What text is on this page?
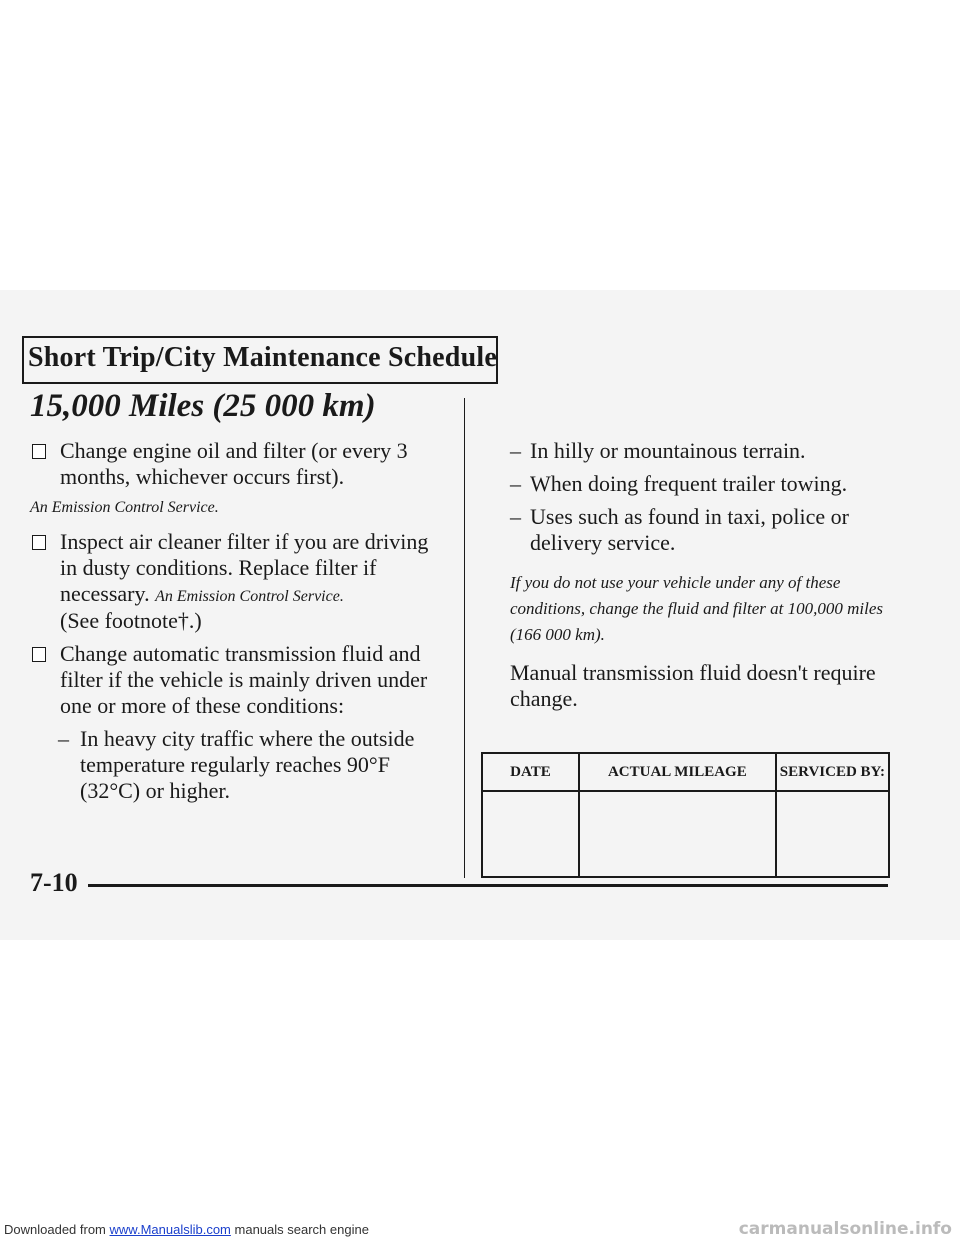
Short Trip/City Maintenance Schedule
15,000 Miles (25 000 km)
Change engine oil and filter (or every 3 months, whichever occurs first).
An Emission Control Service.
Inspect air cleaner filter if you are driving in dusty conditions. Replace filter if necessary. An Emission Control Service.
(See footnote†.)
Change automatic transmission fluid and filter if the vehicle is mainly driven under one or more of these conditions:
– In heavy city traffic where the outside temperature regularly reaches 90°F (32°C) or higher.
– In hilly or mountainous terrain.
– When doing frequent trailer towing.
– Uses such as found in taxi, police or delivery service.
If you do not use your vehicle under any of these conditions, change the fluid and filter at 100,000 miles (166 000 km).
Manual transmission fluid doesn't require change.
DATE	ACTUAL MILEAGE	SERVICED BY:

7-10
Downloaded from www.Manualslib.com manuals search engine	carmanualsonline.info
